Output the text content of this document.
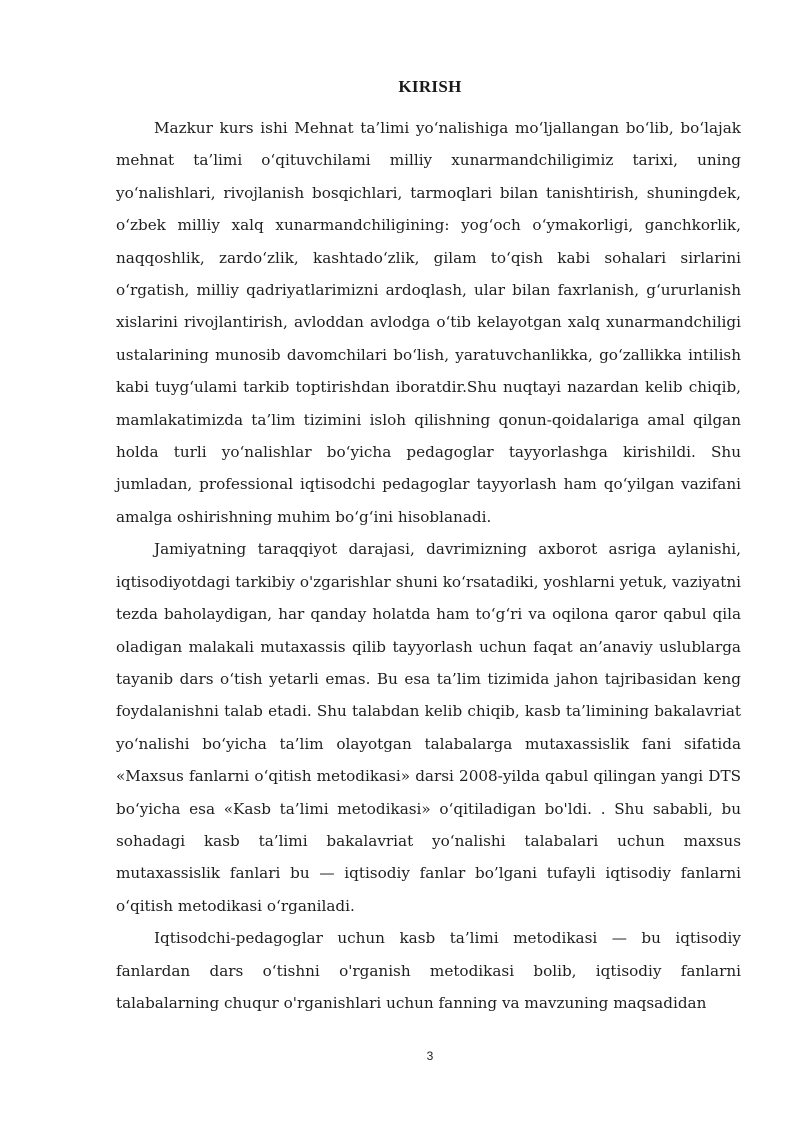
KIRISH

Mazkur kurs ishi Mehnat ta’limi yo‘nalishiga mo‘ljallangan bo‘lib, bo‘lajak mehnat ta’limi o‘qituvchilami milliy xunarmandchiligimiz tarixi, uning yo‘nalishlari, rivojlanish bosqichlari, tarmoqlari bilan tanishtirish, shuningdek, o‘zbek milliy xalq xunarmandchiligining: yog‘och o‘ymakorligi, ganchkorlik, naqqoshlik, zardo‘zlik, kashtado‘zlik, gilam to‘qish kabi sohalari sirlarini o‘rgatish, milliy qadriyatlarimizni ardoqlash, ular bilan faxrlanish, g‘ururlanish xislarini rivojlantirish, avloddan avlodga o‘tib kelayotgan xalq xunarmandchiligi ustalarining munosib davomchilari bo‘lish, yaratuvchanlikka, go‘zallikka intilish kabi tuyg‘ulami tarkib toptirishdan iboratdir.Shu nuqtayi nazardan kelib chiqib, mamlakatimizda ta’lim tizimini isloh qilishning qonun-qoidalariga amal qilgan holda turli yo‘nalishlar bo‘yicha pedagoglar tayyorlashga kirishildi. Shu jumladan, professional iqtisodchi pedagoglar tayyorlash ham qo‘yilgan vazifani amalga oshirishning muhim bo‘g‘ini hisoblanadi.

Jamiyatning taraqqiyot darajasi, davrimizning axborot asriga aylanishi, iqtisodiyotdagi tarkibiy o'zgarishlar shuni ko‘rsatadiki, yoshlarni yetuk, vaziyatni tezda baholaydigan, har qanday holatda ham to‘g‘ri va oqilona qaror qabul qila oladigan malakali mutaxassis qilib tayyorlash uchun faqat an’anaviy uslublarga tayanib dars o‘tish yetarli emas. Bu esa ta’lim tizimida jahon tajribasidan keng foydalanishni talab etadi. Shu talabdan kelib chiqib, kasb ta’limining bakalavriat yo‘nalishi bo‘yicha ta’lim olayotgan talabalarga mutaxassislik fani sifatida «Maxsus fanlarni o‘qitish metodikasi» darsi 2008-yilda qabul qilingan yangi DTS bo‘yicha esa «Kasb ta’limi metodikasi» o‘qitiladigan bo'ldi. . Shu sababli, bu sohadagi kasb ta’limi bakalavriat yo‘nalishi talabalari uchun maxsus mutaxassislik fanlari bu — iqtisodiy fanlar bo’lgani tufayli iqtisodiy fanlarni o‘qitish metodikasi o‘rganiladi.

Iqtisodchi-pedagoglar uchun kasb ta’limi metodikasi — bu iqtisodiy fanlardan dars o‘tishni o'rganish metodikasi bolib, iqtisodiy fanlarni talabalarning chuqur o'rganishlari uchun fanning va mavzuning maqsadidan

3
